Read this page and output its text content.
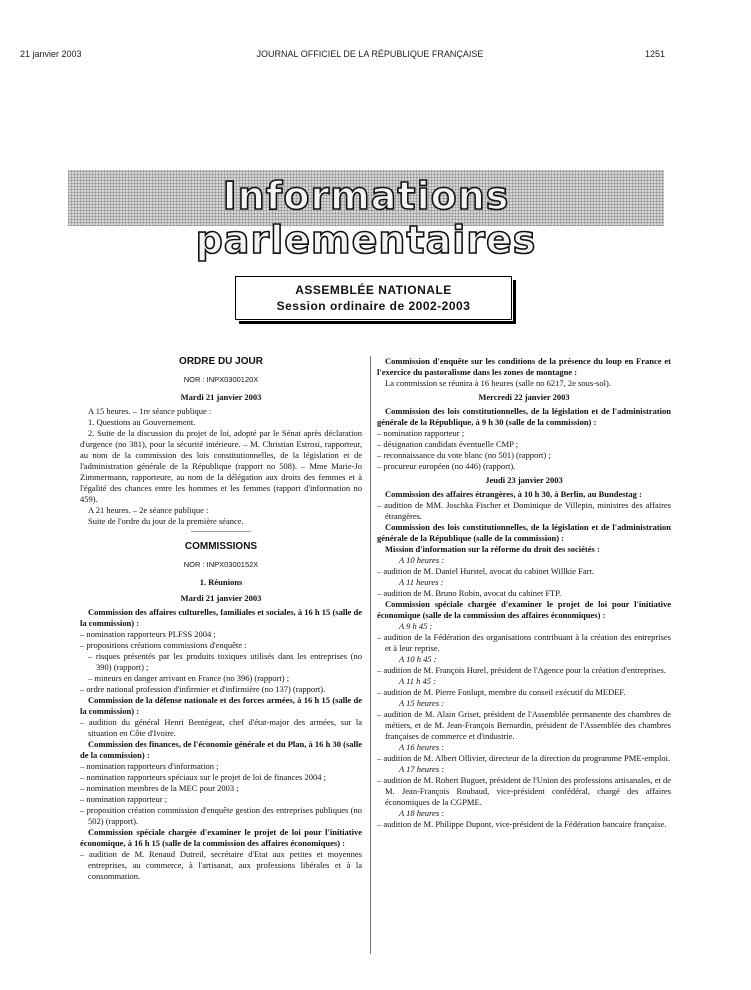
21 janvier 2003	JOURNAL OFFICIEL DE LA RÉPUBLIQUE FRANÇAISE	1251
Informations parlementaires
ASSEMBLÉE NATIONALE
Session ordinaire de 2002-2003
ORDRE DU JOUR
NOR : INPX0300120X
Mardi 21 janvier 2003

A 15 heures. – 1re séance publique :

1. Questions au Gouvernement.

2. Suite de la discussion du projet de loi, adopté par le Sénat après déclaration d'urgence (no 381), pour la sécurité intérieure. – M. Christian Estrosi, rapporteur, au nom de la commission des lois constitutionnelles, de la législation et de l'administration générale de la République (rapport no 508). – Mme Marie-Jo Zimmermann, rapporteure, au nom de la délégation aux droits des femmes et à l'égalité des chances entre les hommes et les femmes (rapport d'information no 459).

A 21 heures. – 2e séance publique :

Suite de l'ordre du jour de la première séance.

COMMISSIONS
NOR : INPX0300152X
1. Réunions
Mardi 21 janvier 2003

Commission des affaires culturelles, familiales et sociales, à 16 h 15 (salle de la commission) :

– nomination rapporteurs PLFSS 2004 ;
– propositions créations commissions d'enquête :
– risques présentés par les produits toxiques utilisés dans les entreprises (no 390) (rapport) ;
– mineurs en danger arrivant en France (no 396) (rapport) ;
– ordre national profession d'infirmier et d'infirmière (no 137) (rapport).

Commission de la défense nationale et des forces armées, à 16 h 15 (salle de la commission) :

– audition du général Henri Bentégeat, chef d'état-major des armées, sur la situation en Côte d'Ivoire.

Commission des finances, de l'économie générale et du Plan, à 16 h 30 (salle de la commission) :

– nomination rapporteurs d'information ;
– nomination rapporteurs spéciaux sur le projet de loi de finances 2004 ;
– nomination membres de la MEC pour 2003 ;
– nomination rapporteur ;
– proposition création commission d'enquête gestion des entreprises publiques (no 502) (rapport).

Commission spéciale chargée d'examiner le projet de loi pour l'initiative économique, à 16 h 15 (salle de la commission des affaires économiques) :

– audition de M. Renaud Dutreil, secrétaire d'Etat aux petites et moyennes entreprises, au commerce, à l'artisanat, aux professions libérales et à la consommation.

Commission d'enquête sur les conditions de la présence du loup en France et l'exercice du pastoralisme dans les zones de montagne :

La commission se réunira à 16 heures (salle no 6217, 2e sous-sol).

Mercredi 22 janvier 2003

Commission des lois constitutionnelles, de la législation et de l'administration générale de la République, à 9 h 30 (salle de la commission) :

– nomination rapporteur ;
– désignation candidats éventuelle CMP ;
– reconnaissance du vote blanc (no 501) (rapport) ;
– procureur européen (no 446) (rapport).
Jeudi 23 janvier 2003

Commission des affaires étrangères, à 10 h 30, à Berlin, au Bundestag :

– audition de MM. Joschka Fischer et Dominique de Villepin, ministres des affaires étrangères.

Commission des lois constitutionnelles, de la législation et de l'administration générale de la République (salle de la commission) :

Mission d'information sur la réforme du droit des sociétés :

A 10 heures :
– audition de M. Daniel Hurstel, avocat du cabinet Willkie Farr.
A 11 heures :
– audition de M. Bruno Robin, avocat du cabinet FTP.

Commission spéciale chargée d'examiner le projet de loi pour l'initiative économique (salle de la commission des affaires économiques) :

A 9 h 45 :
– audition de la Fédération des organisations contribuant à la création des entreprises et à leur reprise.
A 10 h 45 :
– audition de M. François Hurel, président de l'Agence pour la création d'entreprises.
A 11 h 45 :
– audition de M. Pierre Fonlupt, membre du conseil exécutif du MEDEF.
A 15 heures :
– audition de M. Alain Griset, président de l'Assemblée permanente des chambres de métiers, et de M. Jean-François Bernardin, président de l'Assemblée des chambres françaises de commerce et d'industrie.
A 16 heures :
– audition de M. Albert Ollivier, directeur de la direction du programme PME-emploi.
A 17 heures :
– audition de M. Robert Buguet, président de l'Union des professions artisanales, et de M. Jean-François Roubaud, vice-président confédéral, chargé des affaires économiques de la CGPME.
A 18 heures :
– audition de M. Philippe Dupont, vice-président de la Fédération bancaire française.
